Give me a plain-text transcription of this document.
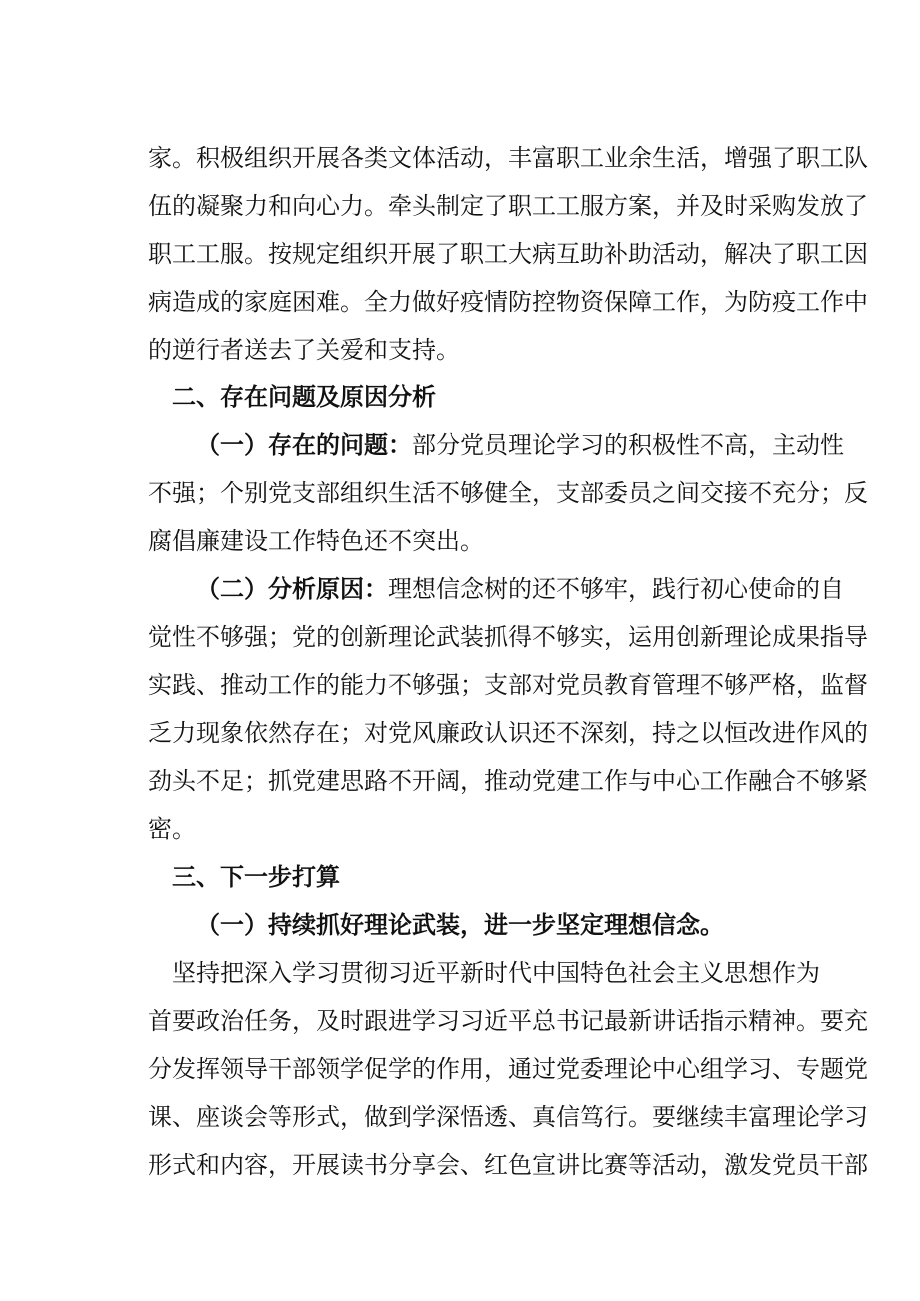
家。积极组织开展各类文体活动，丰富职工业余生活，增强了职工队
伍的凝聚力和向心力。牵头制定了职工工服方案，并及时采购发放了
职工工服。按规定组织开展了职工大病互助补助活动，解决了职工因
病造成的家庭困难。全力做好疫情防控物资保障工作，为防疫工作中
的逆行者送去了关爱和支持。
二、存在问题及原因分析
（一）存在的问题：部分党员理论学习的积极性不高，主动性
不强；个别党支部组织生活不够健全，支部委员之间交接不充分；反
腐倡廉建设工作特色还不突出。
（二）分析原因：理想信念树的还不够牢，践行初心使命的自
觉性不够强；党的创新理论武装抓得不够实，运用创新理论成果指导
实践、推动工作的能力不够强；支部对党员教育管理不够严格，监督
乏力现象依然存在；对党风廉政认识还不深刻，持之以恒改进作风的
劲头不足；抓党建思路不开阔，推动党建工作与中心工作融合不够紧
密。
三、下一步打算
（一）持续抓好理论武装，进一步坚定理想信念。
坚持把深入学习贯彻习近平新时代中国特色社会主义思想作为
首要政治任务，及时跟进学习习近平总书记最新讲话指示精神。要充
分发挥领导干部领学促学的作用，通过党委理论中心组学习、专题党
课、座谈会等形式，做到学深悟透、真信笃行。要继续丰富理论学习
形式和内容，开展读书分享会、红色宣讲比赛等活动，激发党员干部
